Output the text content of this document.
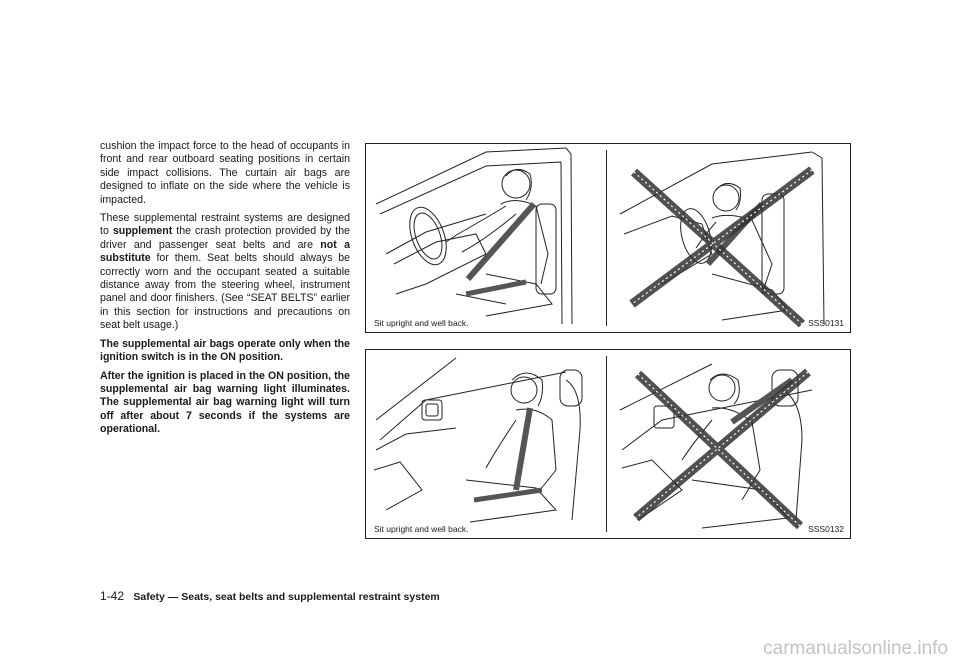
cushion the impact force to the head of occupants in front and rear outboard seating positions in certain side impact collisions. The curtain air bags are designed to inflate on the side where the vehicle is impacted.

These supplemental restraint systems are designed to supplement the crash protection provided by the driver and passenger seat belts and are not a substitute for them. Seat belts should always be correctly worn and the occupant seated a suitable distance away from the steering wheel, instrument panel and door finishers. (See “SEAT BELTS” earlier in this section for instructions and precautions on seat belt usage.)

The supplemental air bags operate only when the ignition switch is in the ON position.

After the ignition is placed in the ON position, the supplemental air bag warning light illuminates. The supplemental air bag warning light will turn off after about 7 seconds if the systems are operational.

Sit upright and well back.	SSS0131
Sit upright and well back.	SSS0132
1-42 Safety — Seats, seat belts and supplemental restraint system
carmanualsonline.info
